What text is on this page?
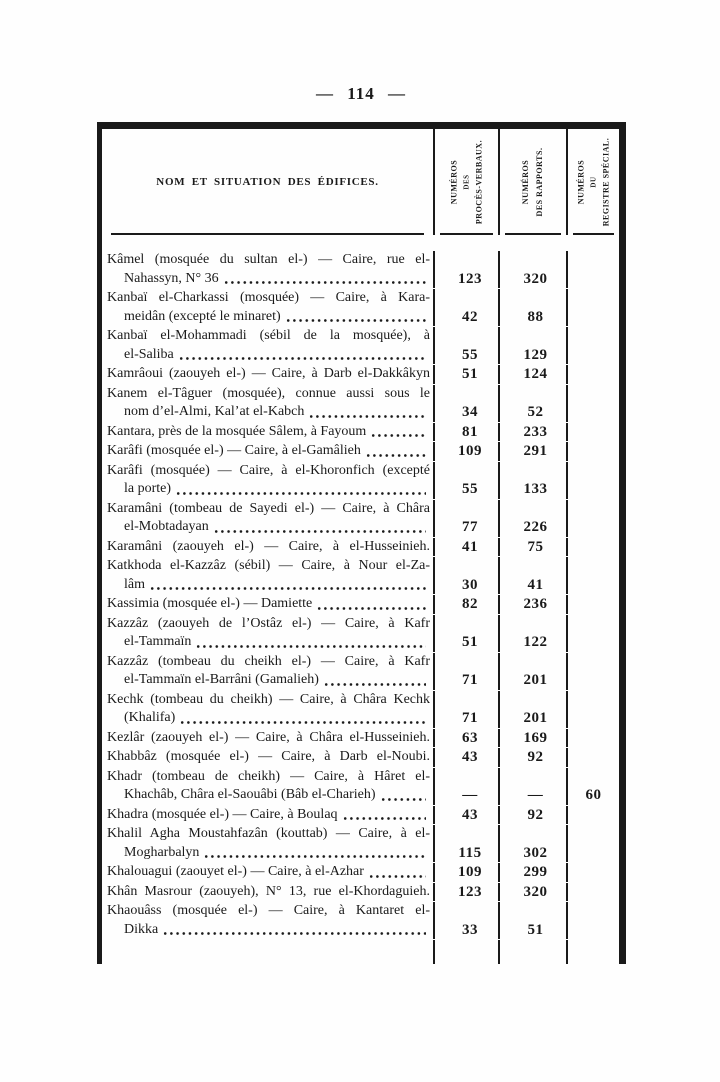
— 114 —
NOM ET SITUATION DES ÉDIFICES.	NUMÉROS DES PROCÈS-VERBAUX.	NUMÉROS DES RAPPORTS.	NUMÉROS DU REGISTRE SPÉCIAL.
Kâmel (mosquée du sultan el-) — Caire, rue el-
Nahassyn, N° 36	123	320
Kanbaï el-Charkassi (mosquée) — Caire, à Kara-
meidân (excepté le minaret)	42	88
Kanbaï el-Mohammadi (sébil de la mosquée), à
el-Saliba	55	129
Kamrâoui (zaouyeh el-) — Caire, à Darb el-Dakkâkyn 51	124
Kanem el-Tâguer (mosquée), connue aussi sous le
nom d’el-Almi, Kal’at el-Kabch	34	52
Kantara, près de la mosquée Sâlem, à Fayoum	81	233
Karâfi (mosquée el-) — Caire, à el-Gamâlieh	109	291
Karâfi (mosquée) — Caire, à el-Khoronfich (excepté
la porte)	55	133
Karamâni (tombeau de Sayedi el-) — Caire, à Châra
el-Mobtadayan	77	226
Karamâni (zaouyeh el-) — Caire, à el-Husseinieh. 41	75
Katkhoda el-Kazzâz (sébil) — Caire, à Nour el-Za-
lâm	30	41
Kassimia (mosquée el-) — Damiette	82	236
Kazzâz (zaouyeh de l’Ostâz el-) — Caire, à Kafr
el-Tammaïn	51	122
Kazzâz (tombeau du cheikh el-) — Caire, à Kafr
el-Tammaïn el-Barrâni (Gamalieh)	71	201
Kechk (tombeau du cheikh) — Caire, à Châra Kechk
(Khalifa)	71	201
Kezlâr (zaouyeh el-) — Caire, à Châra el-Husseinieh. 63	169
Khabbâz (mosquée el-) — Caire, à Darb el-Noubi. 43	92
Khadr (tombeau de cheikh) — Caire, à Hâret el-
Khachâb, Châra el-Saouâbi (Bâb el-Charieh)	—	—	60
Khadra (mosquée el-) — Caire, à Boulaq	43	92
Khalil Agha Moustahfazân (kouttab) — Caire, à el-
Mogharbalyn	115	302
Khalouagui (zaouyet el-) — Caire, à el-Azhar	109	299
Khân Masrour (zaouyeh), N° 13, rue el-Khordaguieh. 123	320
Khaouâss (mosquée el-) — Caire, à Kantaret el-
Dikka	33	51
